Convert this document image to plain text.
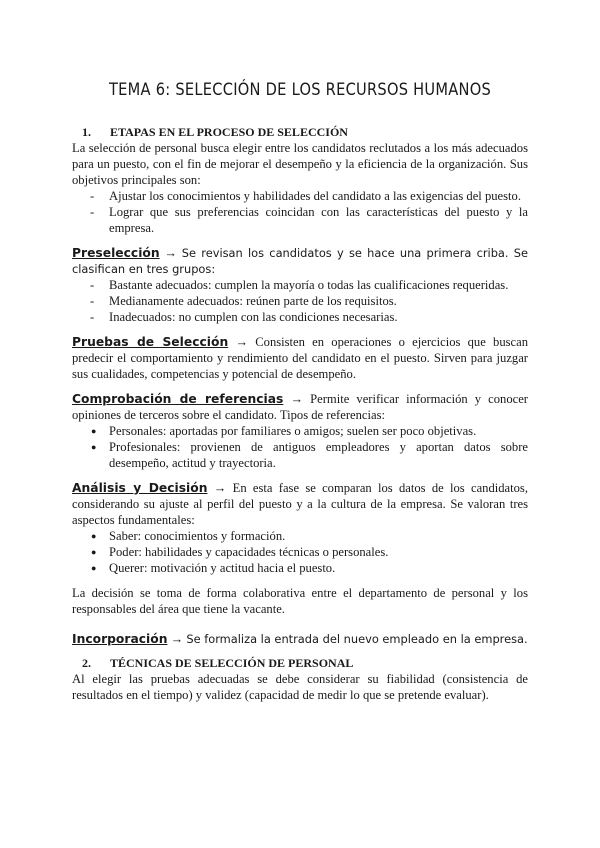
TEMA 6: SELECCIÓN DE LOS RECURSOS HUMANOS
1. ETAPAS EN EL PROCESO DE SELECCIÓN

La selección de personal busca elegir entre los candidatos reclutados a los más adecuados para un puesto, con el fin de mejorar el desempeño y la eficiencia de la organización. Sus objetivos principales son:

- Ajustar los conocimientos y habilidades del candidato a las exigencias del puesto.
- Lograr que sus preferencias coincidan con las características del puesto y la empresa.

Preselección → Se revisan los candidatos y se hace una primera criba. Se clasifican en tres grupos:

- Bastante adecuados: cumplen la mayoría o todas las cualificaciones requeridas.
- Medianamente adecuados: reúnen parte de los requisitos.
- Inadecuados: no cumplen con las condiciones necesarias.

Pruebas de Selección → Consisten en operaciones o ejercicios que buscan predecir el comportamiento y rendimiento del candidato en el puesto. Sirven para juzgar sus cualidades, competencias y potencial de desempeño.

Comprobación de referencias → Permite verificar información y conocer opiniones de terceros sobre el candidato. Tipos de referencias:

● Personales: aportadas por familiares o amigos; suelen ser poco objetivas.
● Profesionales: provienen de antiguos empleadores y aportan datos sobre desempeño, actitud y trayectoria.

Análisis y Decisión → En esta fase se comparan los datos de los candidatos, considerando su ajuste al perfil del puesto y a la cultura de la empresa. Se valoran tres aspectos fundamentales:

● Saber: conocimientos y formación.
● Poder: habilidades y capacidades técnicas o personales.
● Querer: motivación y actitud hacia el puesto.

La decisión se toma de forma colaborativa entre el departamento de personal y los responsables del área que tiene la vacante.

Incorporación → Se formaliza la entrada del nuevo empleado en la empresa.

2. TÉCNICAS DE SELECCIÓN DE PERSONAL

Al elegir las pruebas adecuadas se debe considerar su fiabilidad (consistencia de resultados en el tiempo) y validez (capacidad de medir lo que se pretende evaluar).
